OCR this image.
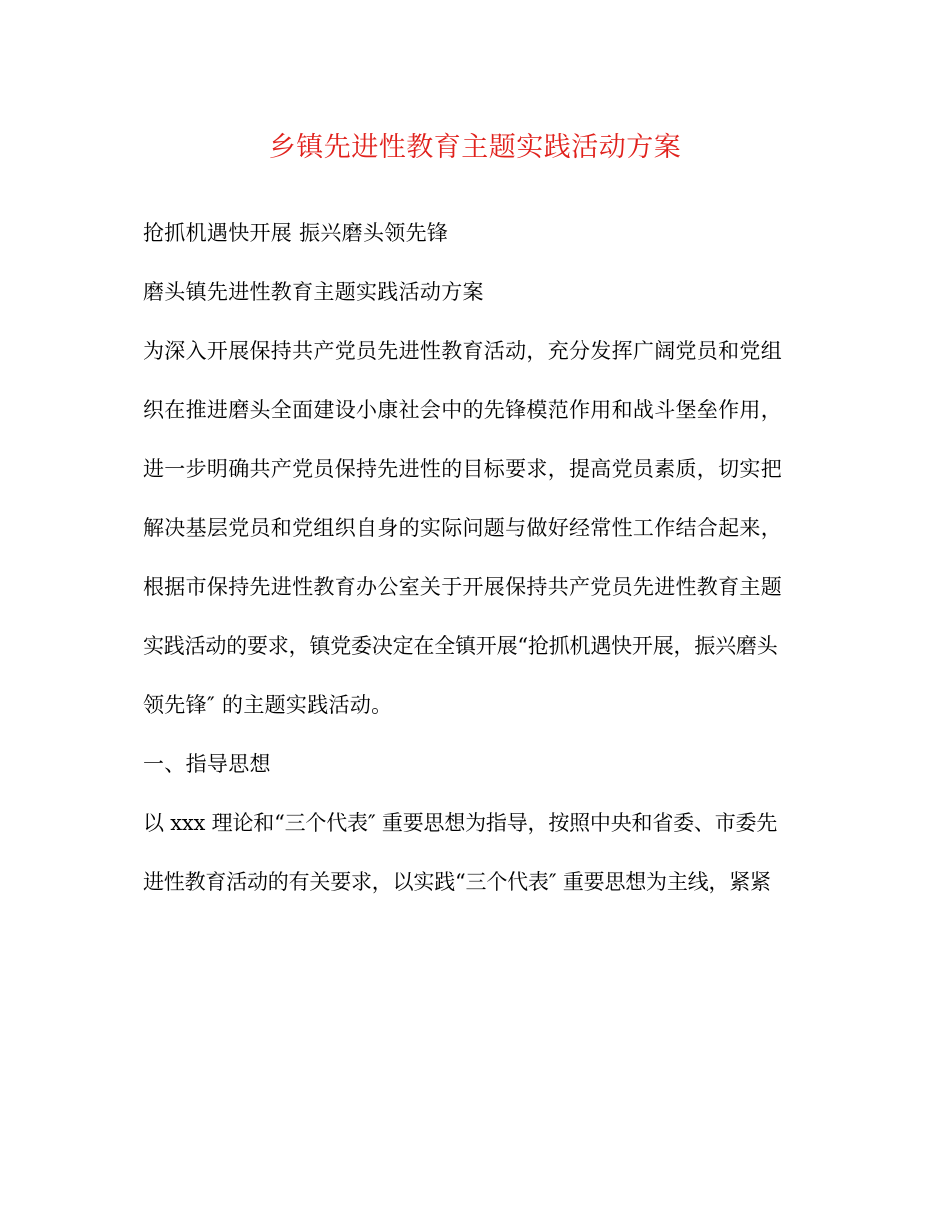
乡镇先进性教育主题实践活动方案
抢抓机遇快开展 振兴磨头领先锋
磨头镇先进性教育主题实践活动方案
为深入开展保持共产党员先进性教育活动，充分发挥广阔党员和党组
织在推进磨头全面建设小康社会中的先锋模范作用和战斗堡垒作用，
进一步明确共产党员保持先进性的目标要求，提高党员素质，切实把
解决基层党员和党组织自身的实际问题与做好经常性工作结合起来，
根据市保持先进性教育办公室关于开展保持共产党员先进性教育主题
实践活动的要求，镇党委决定在全镇开展“抢抓机遇快开展，振兴磨头
领先锋″ 的主题实践活动。
一、指导思想
以 xxx 理论和“三个代表″ 重要思想为指导，按照中央和省委、市委先
进性教育活动的有关要求，以实践“三个代表″ 重要思想为主线，紧紧
